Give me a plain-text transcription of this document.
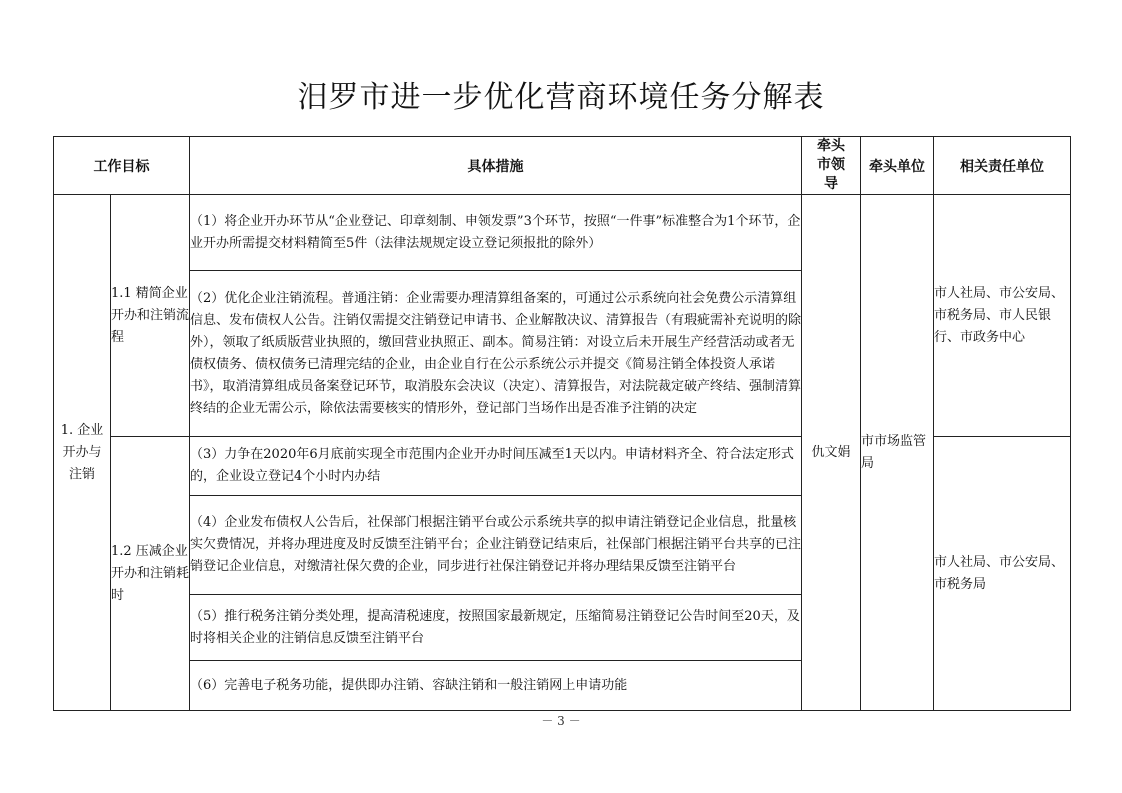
汨罗市进一步优化营商环境任务分解表
工作目标		具体措施	牵头市领导	牵头单位	相关责任单位

1. 企业开办与注销	1.1 精简企业开办和注销流程	（1）将企业开办环节从“企业登记、印章刻制、申领发票”3个环节，按照“一件事”标准整合为1个环节，企业开办所需提交材料精简至5件（法律法规规定设立登记须报批的除外）	仇文娟	市市场监管局	市人社局、市公安局、市税务局、市人民银行、市政务中心
		（2）优化企业注销流程。普通注销：企业需要办理清算组备案的，可通过公示系统向社会免费公示清算组信息、发布债权人公告。注销仅需提交注销登记申请书、企业解散决议、清算报告（有瑕疵需补充说明的除外），领取了纸质版营业执照的，缴回营业执照正、副本。简易注销：对设立后未开展生产经营活动或者无债权债务、债权债务已清理完结的企业，由企业自行在公示系统公示并提交《简易注销全体投资人承诺书》，取消清算组成员备案登记环节，取消股东会决议（决定）、清算报告，对法院裁定破产终结、强制清算终结的企业无需公示，除依法需要核实的情形外，登记部门当场作出是否准予注销的决定			
	1.2 压减企业开办和注销耗时	（3）力争在2020年6月底前实现全市范围内企业开办时间压减至1天以内。申请材料齐全、符合法定形式的，企业设立登记4个小时内办结			市人社局、市公安局、市税务局
		（4）企业发布债权人公告后，社保部门根据注销平台或公示系统共享的拟申请注销登记企业信息，批量核实欠费情况，并将办理进度及时反馈至注销平台；企业注销登记结束后，社保部门根据注销平台共享的已注销登记企业信息，对缴清社保欠费的企业，同步进行社保注销登记并将办理结果反馈至注销平台			
		（5）推行税务注销分类处理，提高清税速度，按照国家最新规定，压缩简易注销登记公告时间至20天，及时将相关企业的注销信息反馈至注销平台			
		（6）完善电子税务功能，提供即办注销、容缺注销和一般注销网上申请功能			
－ 3 －
